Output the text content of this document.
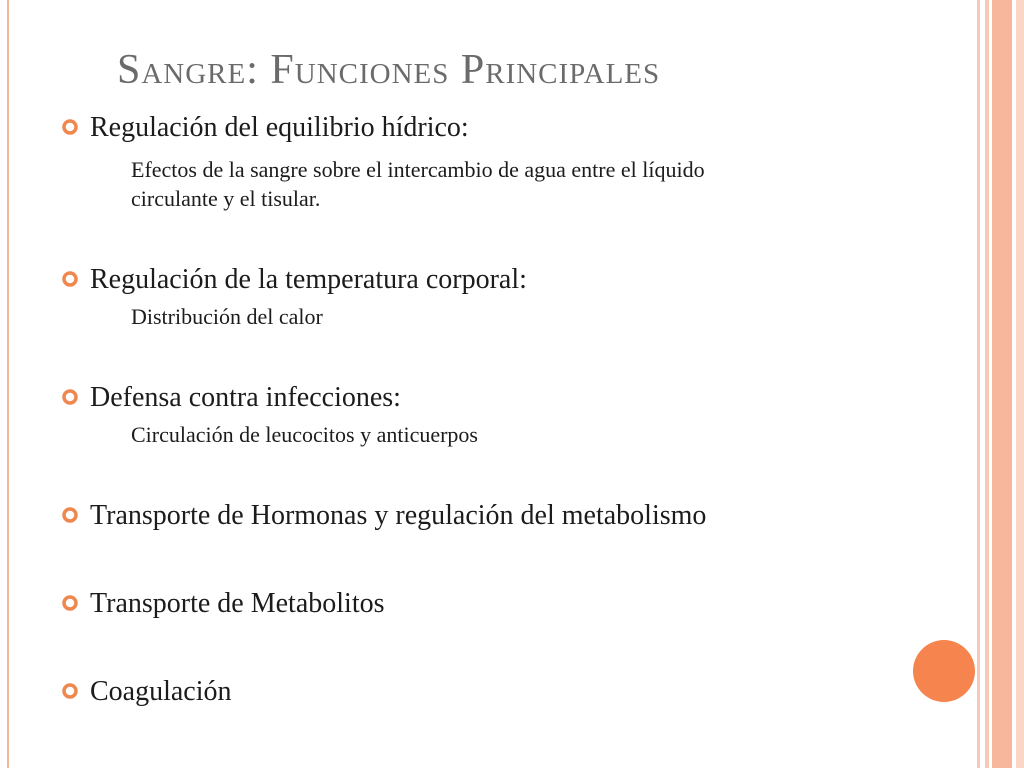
Sangre: Funciones Principales
Regulación del equilibrio hídrico:
Efectos de la sangre sobre el intercambio de agua entre el líquido
circulante y el tisular.
Regulación de la temperatura corporal:
Distribución del calor
Defensa contra infecciones:
Circulación de leucocitos y anticuerpos
Transporte de Hormonas y regulación del metabolismo
Transporte de Metabolitos
Coagulación
